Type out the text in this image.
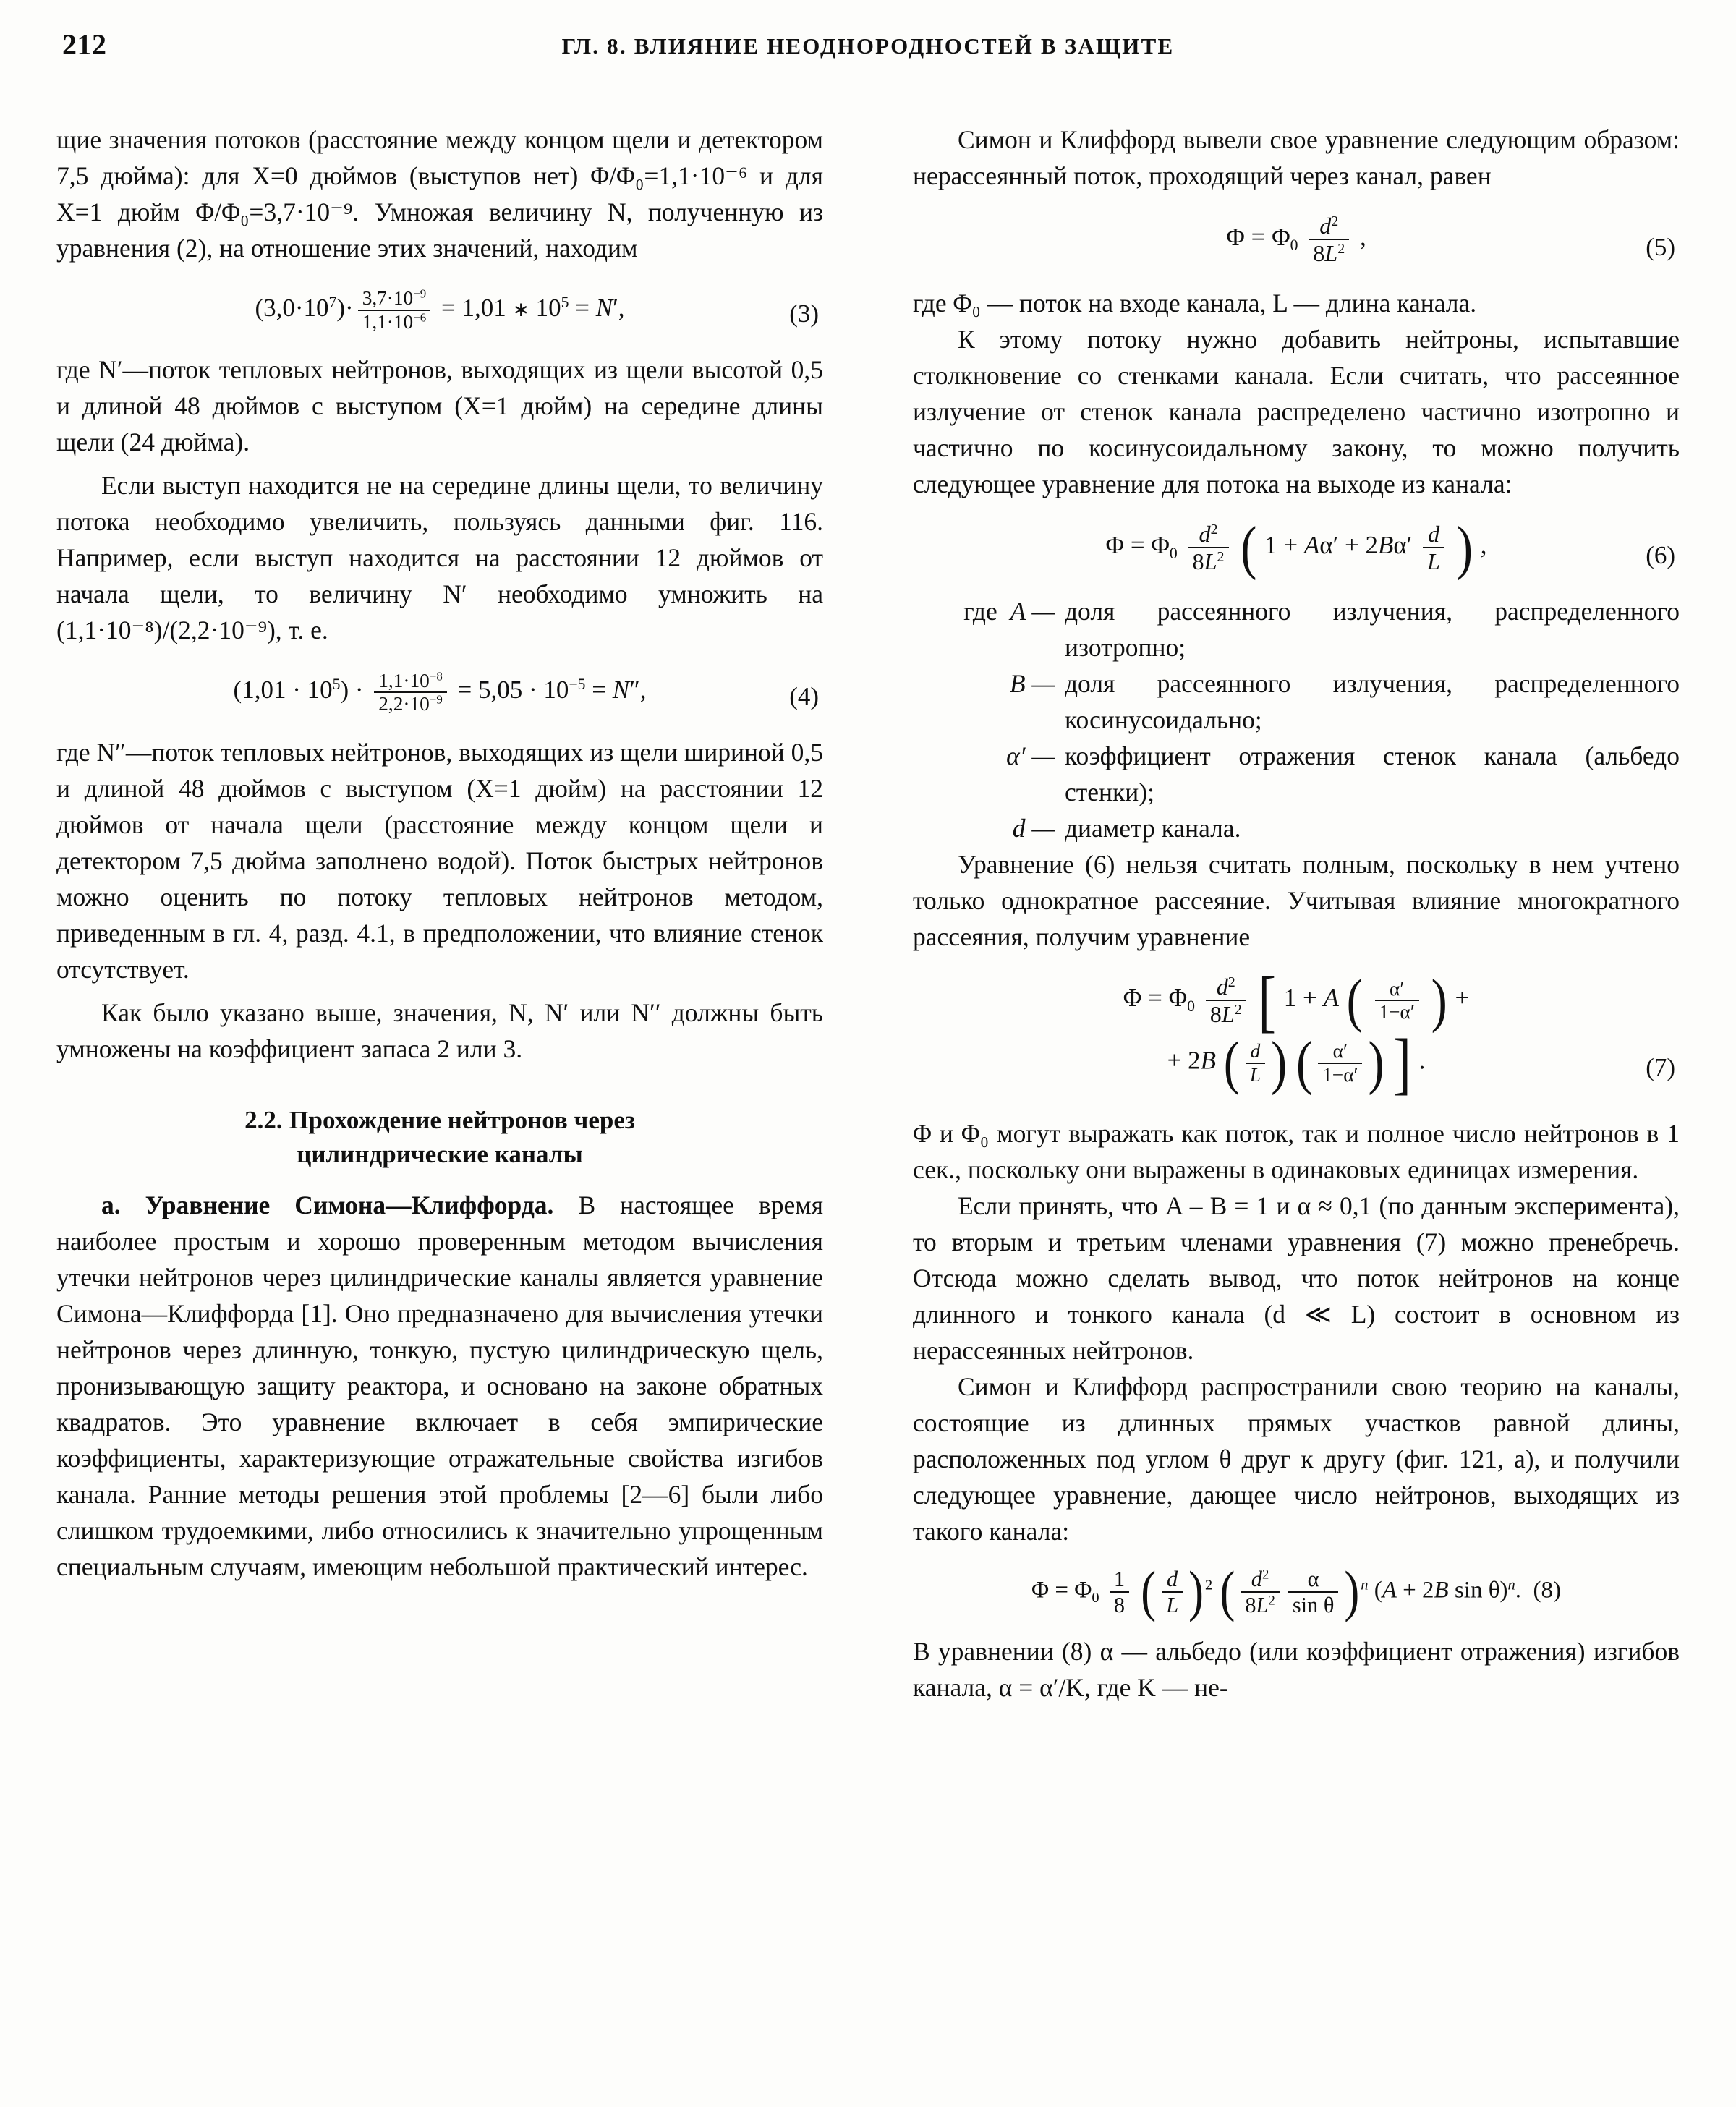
212	ГЛ. 8. ВЛИЯНИЕ НЕОДНОРОДНОСТЕЙ В ЗАЩИТЕ

щие значения потоков (расстояние между концом щели и детектором 7,5 дюйма): для X=0 дюймов (выступов нет) Φ/Φ₀=1,1·10⁻⁶ и для X=1 дюйм Φ/Φ₀=3,7·10⁻⁹. Умножая величину N, полученную из уравнения (2), на отношение этих значений, находим

$(3,0\cdot 10^7)\cdot \frac{3,7\cdot 10^{-9}}{1,1\cdot 10^{-6}} = 1,01$ ∗ $10^5 = N'$,	(3)

где N′—поток тепловых нейтронов, выходящих из щели высотой 0,5 и длиной 48 дюймов с выступом (X=1 дюйм) на середине длины щели (24 дюйма).

Если выступ находится не на середине длины щели, то величину потока необходимо увеличить, пользуясь данными фиг. 116. Например, если выступ находится на расстоянии 12 дюймов от начала щели, то величину N′ необходимо умножить на (1,1·10⁻⁸)/(2,2·10⁻⁹), т. е.

$(1,01 \cdot 10^5) \cdot \frac{1,1\cdot 10^{-8}}{2,2\cdot 10^{-9}} = 5,05 \cdot 10^{-5} = N''$,	(4)

где N″—поток тепловых нейтронов, выходящих из щели шириной 0,5 и длиной 48 дюймов с выступом (X=1 дюйм) на расстоянии 12 дюймов от начала щели (расстояние между концом щели и детектором 7,5 дюйма заполнено водой). Поток быстрых нейтронов можно оценить по потоку тепловых нейтронов методом, приведенным в гл. 4, разд. 4.1, в предположении, что влияние стенок отсутствует.

Как было указано выше, значения, N, N′ или N′′ должны быть умножены на коэффициент запаса 2 или 3.

2.2. Прохождение нейтронов через
цилиндрические каналы

а. Уравнение Симона—Клиффорда. В настоящее время наиболее простым и хорошо проверенным методом вычисления утечки нейтронов через цилиндрические каналы является уравнение Симона—Клиффорда [1]. Оно предназначено для вычисления утечки нейтронов через длинную, тонкую, пустую цилиндрическую щель, пронизывающую защиту реактора, и основано на законе обратных квадратов. Это уравнение включает в себя эмпирические коэффициенты, характеризующие отражательные свойства изгибов канала. Ранние методы решения этой проблемы [2—6] были либо слишком трудоемкими, либо относились к значительно упрощенным специальным случаям, имеющим небольшой практический интерес.

Симон и Клиффорд вывели свое уравнение следующим образом: нерассеянный поток, проходящий через канал, равен

$\Phi = \Phi_0 \frac{d^2}{8L^2}$ ,	(5)

где Φ₀ — поток на входе канала, L — длина канала.

К этому потоку нужно добавить нейтроны, испытавшие столкновение со стенками канала. Если считать, что рассеянное излучение от стенок канала распределено частично изотропно и частично по косинусоидальному закону, то можно получить следующее уравнение для потока на выходе из канала:

$\Phi = \Phi_0 \frac{d^2}{8L^2}$ ( $1 + A\alpha' + 2B\alpha' \frac{d}{L}$ ) ,	(6)
где A — доля рассеянного излучения, распределенного изотропно;
B — доля рассеянного излучения, распределенного косинусоидально;
α′ — коэффициент отражения стенок канала (альбедо стенки);
d — диаметр канала.

Уравнение (6) нельзя считать полным, поскольку в нем учтено только однократное рассеяние. Учитывая влияние многократного рассеяния, получим уравнение

$\Phi = \Phi_0 \frac{d^2}{8L^2}$ [ 1 + A ( $\frac{\alpha'}{1-\alpha'}$ ) +
+ 2B ( $\frac{d}{L}$ ) ( $\frac{\alpha'}{1-\alpha'}$ ) ] .	(7)

Φ и Φ₀ могут выражать как поток, так и полное число нейтронов в 1 сек., поскольку они выражены в одинаковых единицах измерения.

Если принять, что A – B = 1 и α ≈ 0,1 (по данным эксперимента), то вторым и третьим членами уравнения (7) можно пренебречь. Отсюда можно сделать вывод, что поток нейтронов на конце длинного и тонкого канала (d ≪ L) состоит в основном из нерассеянных нейтронов.

Симон и Клиффорд распространили свою теорию на каналы, состоящие из длинных прямых участков равной длины, расположенных под углом θ друг к другу (фиг. 121, а), и получили следующее уравнение, дающее число нейтронов, выходящих из такого канала:

$\Phi = \Phi_0 \frac{1}{8}$ ( $\frac{d}{L} )^2$ ( $\frac{d^2}{8L^2} \frac{\alpha}{\text{sin θ}} )^n$ (A + 2B sin θ)$^n$.  (8)

В уравнении (8) α — альбедо (или коэффициент отражения) изгибов канала, α = α′/K, где K — не-
